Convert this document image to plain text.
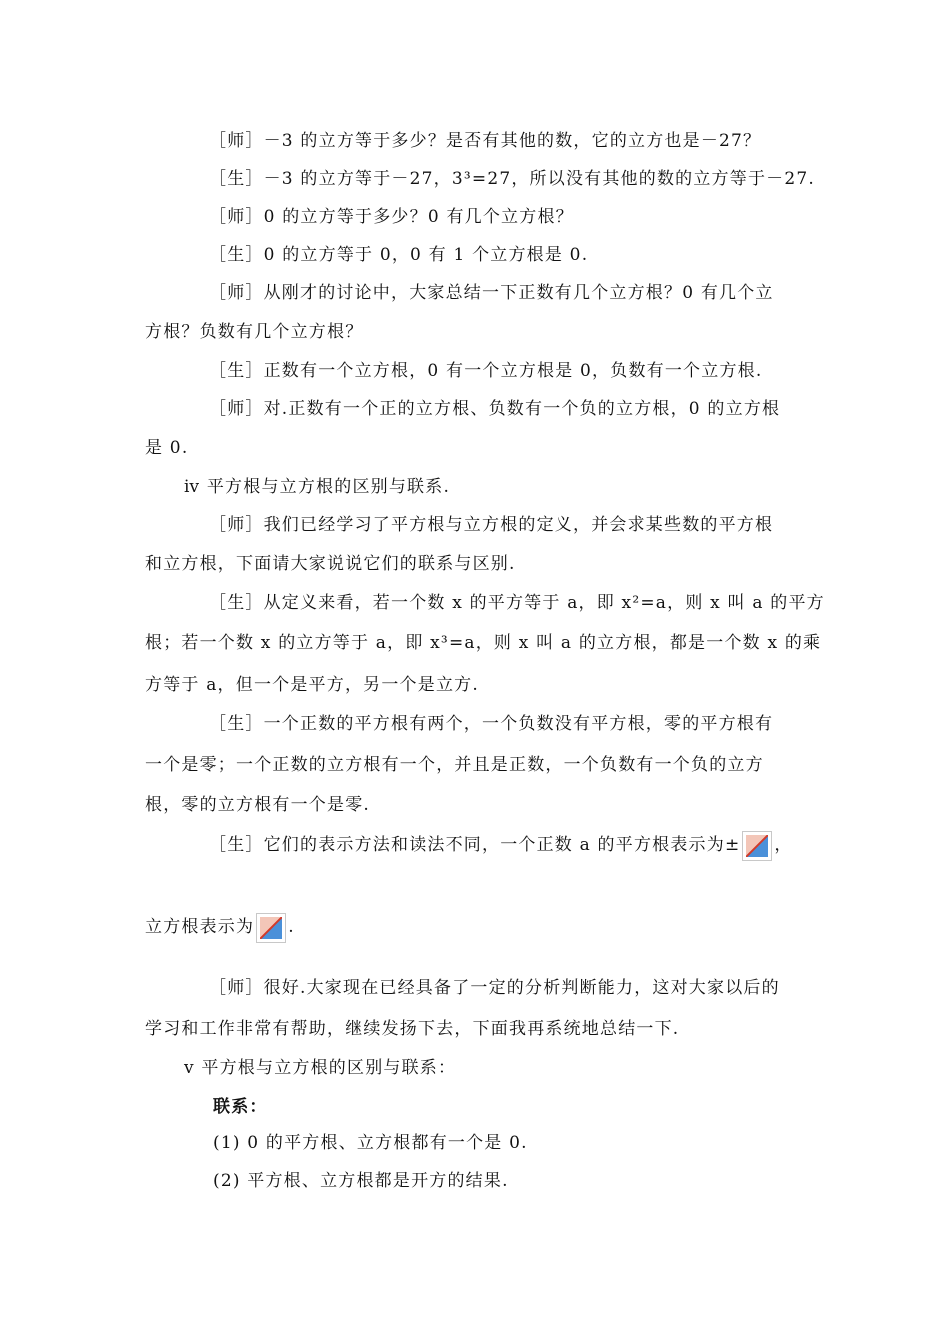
［师］－3 的立方等于多少？是否有其他的数，它的立方也是－27？
［生］－3 的立方等于－27，3³=27，所以没有其他的数的立方等于－27.
［师］0 的立方等于多少？0 有几个立方根？
［生］0 的立方等于 0，0 有 1 个立方根是 0.
［师］从刚才的讨论中，大家总结一下正数有几个立方根？0 有几个立
方根？负数有几个立方根？
［生］正数有一个立方根，0 有一个立方根是 0，负数有一个立方根.
［师］对.正数有一个正的立方根、负数有一个负的立方根，0 的立方根
是 0.
ⅳ 平方根与立方根的区别与联系.
［师］我们已经学习了平方根与立方根的定义，并会求某些数的平方根
和立方根，下面请大家说说它们的联系与区别.
［生］从定义来看，若一个数 x 的平方等于 a，即 x²=a，则 x 叫 a 的平方
根；若一个数 x 的立方等于 a，即 x³=a，则 x 叫 a 的立方根，都是一个数 x 的乘
方等于 a，但一个是平方，另一个是立方.
［生］一个正数的平方根有两个，一个负数没有平方根，零的平方根有
一个是零；一个正数的立方根有一个，并且是正数，一个负数有一个负的立方
根，零的立方根有一个是零.
［生］它们的表示方法和读法不同，一个正数 a 的平方根表示为± ，
立方根表示为 .
［师］很好.大家现在已经具备了一定的分析判断能力，这对大家以后的
学习和工作非常有帮助，继续发扬下去，下面我再系统地总结一下.
ⅴ 平方根与立方根的区别与联系：
联系：
(1) 0 的平方根、立方根都有一个是 0.
(2) 平方根、立方根都是开方的结果.
